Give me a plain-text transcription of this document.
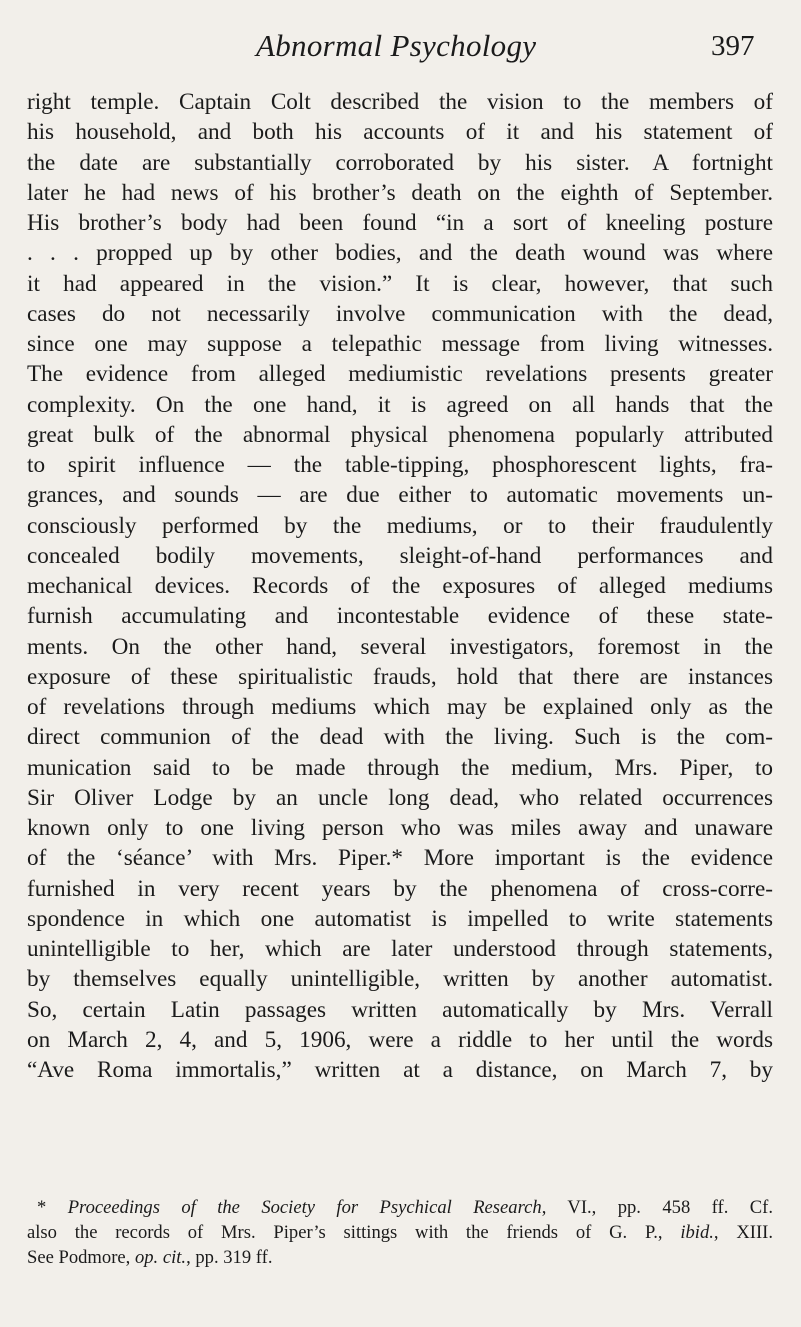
Abnormal Psychology	397
right temple. Captain Colt described the vision to the members of
his household, and both his accounts of it and his statement of
the date are substantially corroborated by his sister. A fortnight
later he had news of his brother’s death on the eighth of September.
His brother’s body had been found “in a sort of kneeling posture
. . . propped up by other bodies, and the death wound was where
it had appeared in the vision.” It is clear, however, that such
cases do not necessarily involve communication with the dead,
since one may suppose a telepathic message from living witnesses.
The evidence from alleged mediumistic revelations presents greater
complexity. On the one hand, it is agreed on all hands that the
great bulk of the abnormal physical phenomena popularly attributed
to spirit influence — the table-tipping, phosphorescent lights, fra-
grances, and sounds — are due either to automatic movements un-
consciously performed by the mediums, or to their fraudulently
concealed bodily movements, sleight-of-hand performances and
mechanical devices. Records of the exposures of alleged mediums
furnish accumulating and incontestable evidence of these state-
ments. On the other hand, several investigators, foremost in the
exposure of these spiritualistic frauds, hold that there are instances
of revelations through mediums which may be explained only as the
direct communion of the dead with the living. Such is the com-
munication said to be made through the medium, Mrs. Piper, to
Sir Oliver Lodge by an uncle long dead, who related occurrences
known only to one living person who was miles away and unaware
of the ‘séance’ with Mrs. Piper.* More important is the evidence
furnished in very recent years by the phenomena of cross-corre-
spondence in which one automatist is impelled to write statements
unintelligible to her, which are later understood through statements,
by themselves equally unintelligible, written by another automatist.
So, certain Latin passages written automatically by Mrs. Verrall
on March 2, 4, and 5, 1906, were a riddle to her until the words
“Ave Roma immortalis,” written at a distance, on March 7, by
* Proceedings of the Society for Psychical Research, VI., pp. 458 ff. Cf.
also the records of Mrs. Piper’s sittings with the friends of G. P., ibid., XIII.
See Podmore, op. cit., pp. 319 ff.
